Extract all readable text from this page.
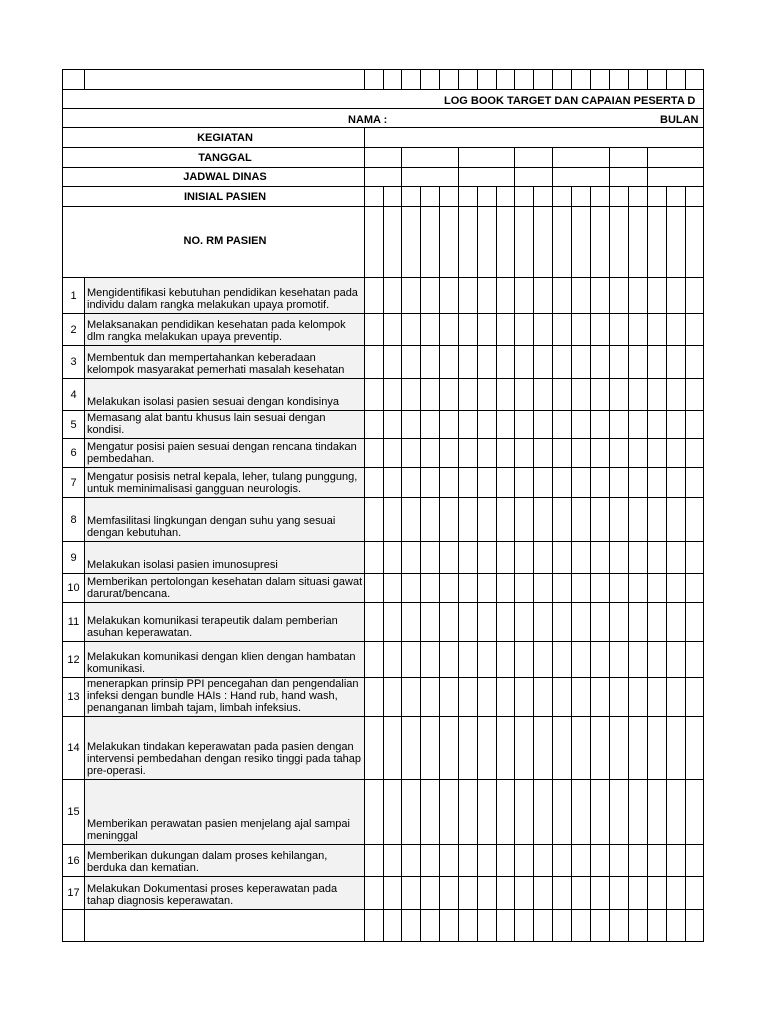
LOG BOOK TARGET DAN CAPAIAN PESERTA D
NAMA :	BULAN
KEGIATAN
TANGGAL
JADWAL DINAS
INISIAL PASIEN
NO. RM PASIEN
1 Mengidentifikasi kebutuhan pendidikan kesehatan pada individu dalam rangka melakukan upaya promotif.
2 Melaksanakan pendidikan kesehatan pada kelompok dlm rangka melakukan upaya preventip.
3 Membentuk dan mempertahankan keberadaan kelompok masyarakat pemerhati masalah kesehatan
4
Melakukan isolasi pasien sesuai dengan kondisinya
5
Memasang alat bantu khusus lain sesuai dengan kondisi.
6 Mengatur posisi paien sesuai dengan rencana tindakan pembedahan.
7 Mengatur posisis netral kepala, leher, tulang punggung, untuk meminimalisasi gangguan neurologis.
8 Memfasilitasi lingkungan dengan suhu yang sesuai dengan kebutuhan.
9
Melakukan isolasi pasien imunosupresi
10 Memberikan pertolongan kesehatan dalam situasi gawat darurat/bencana.
11 Melakukan komunikasi terapeutik dalam pemberian asuhan keperawatan.
12 Melakukan komunikasi dengan klien dengan hambatan komunikasi.
13
menerapkan prinsip PPI pencegahan dan pengendalian infeksi dengan bundle HAIs : Hand rub, hand wash, penanganan limbah tajam, limbah infeksius.
14 Melakukan tindakan keperawatan pada pasien dengan intervensi pembedahan dengan resiko tinggi pada tahap pre-operasi.
15
Memberikan perawatan pasien menjelang ajal sampai meninggal
16 Memberikan dukungan dalam proses kehilangan, berduka dan kematian.
17 Melakukan Dokumentasi proses keperawatan pada tahap diagnosis keperawatan.
